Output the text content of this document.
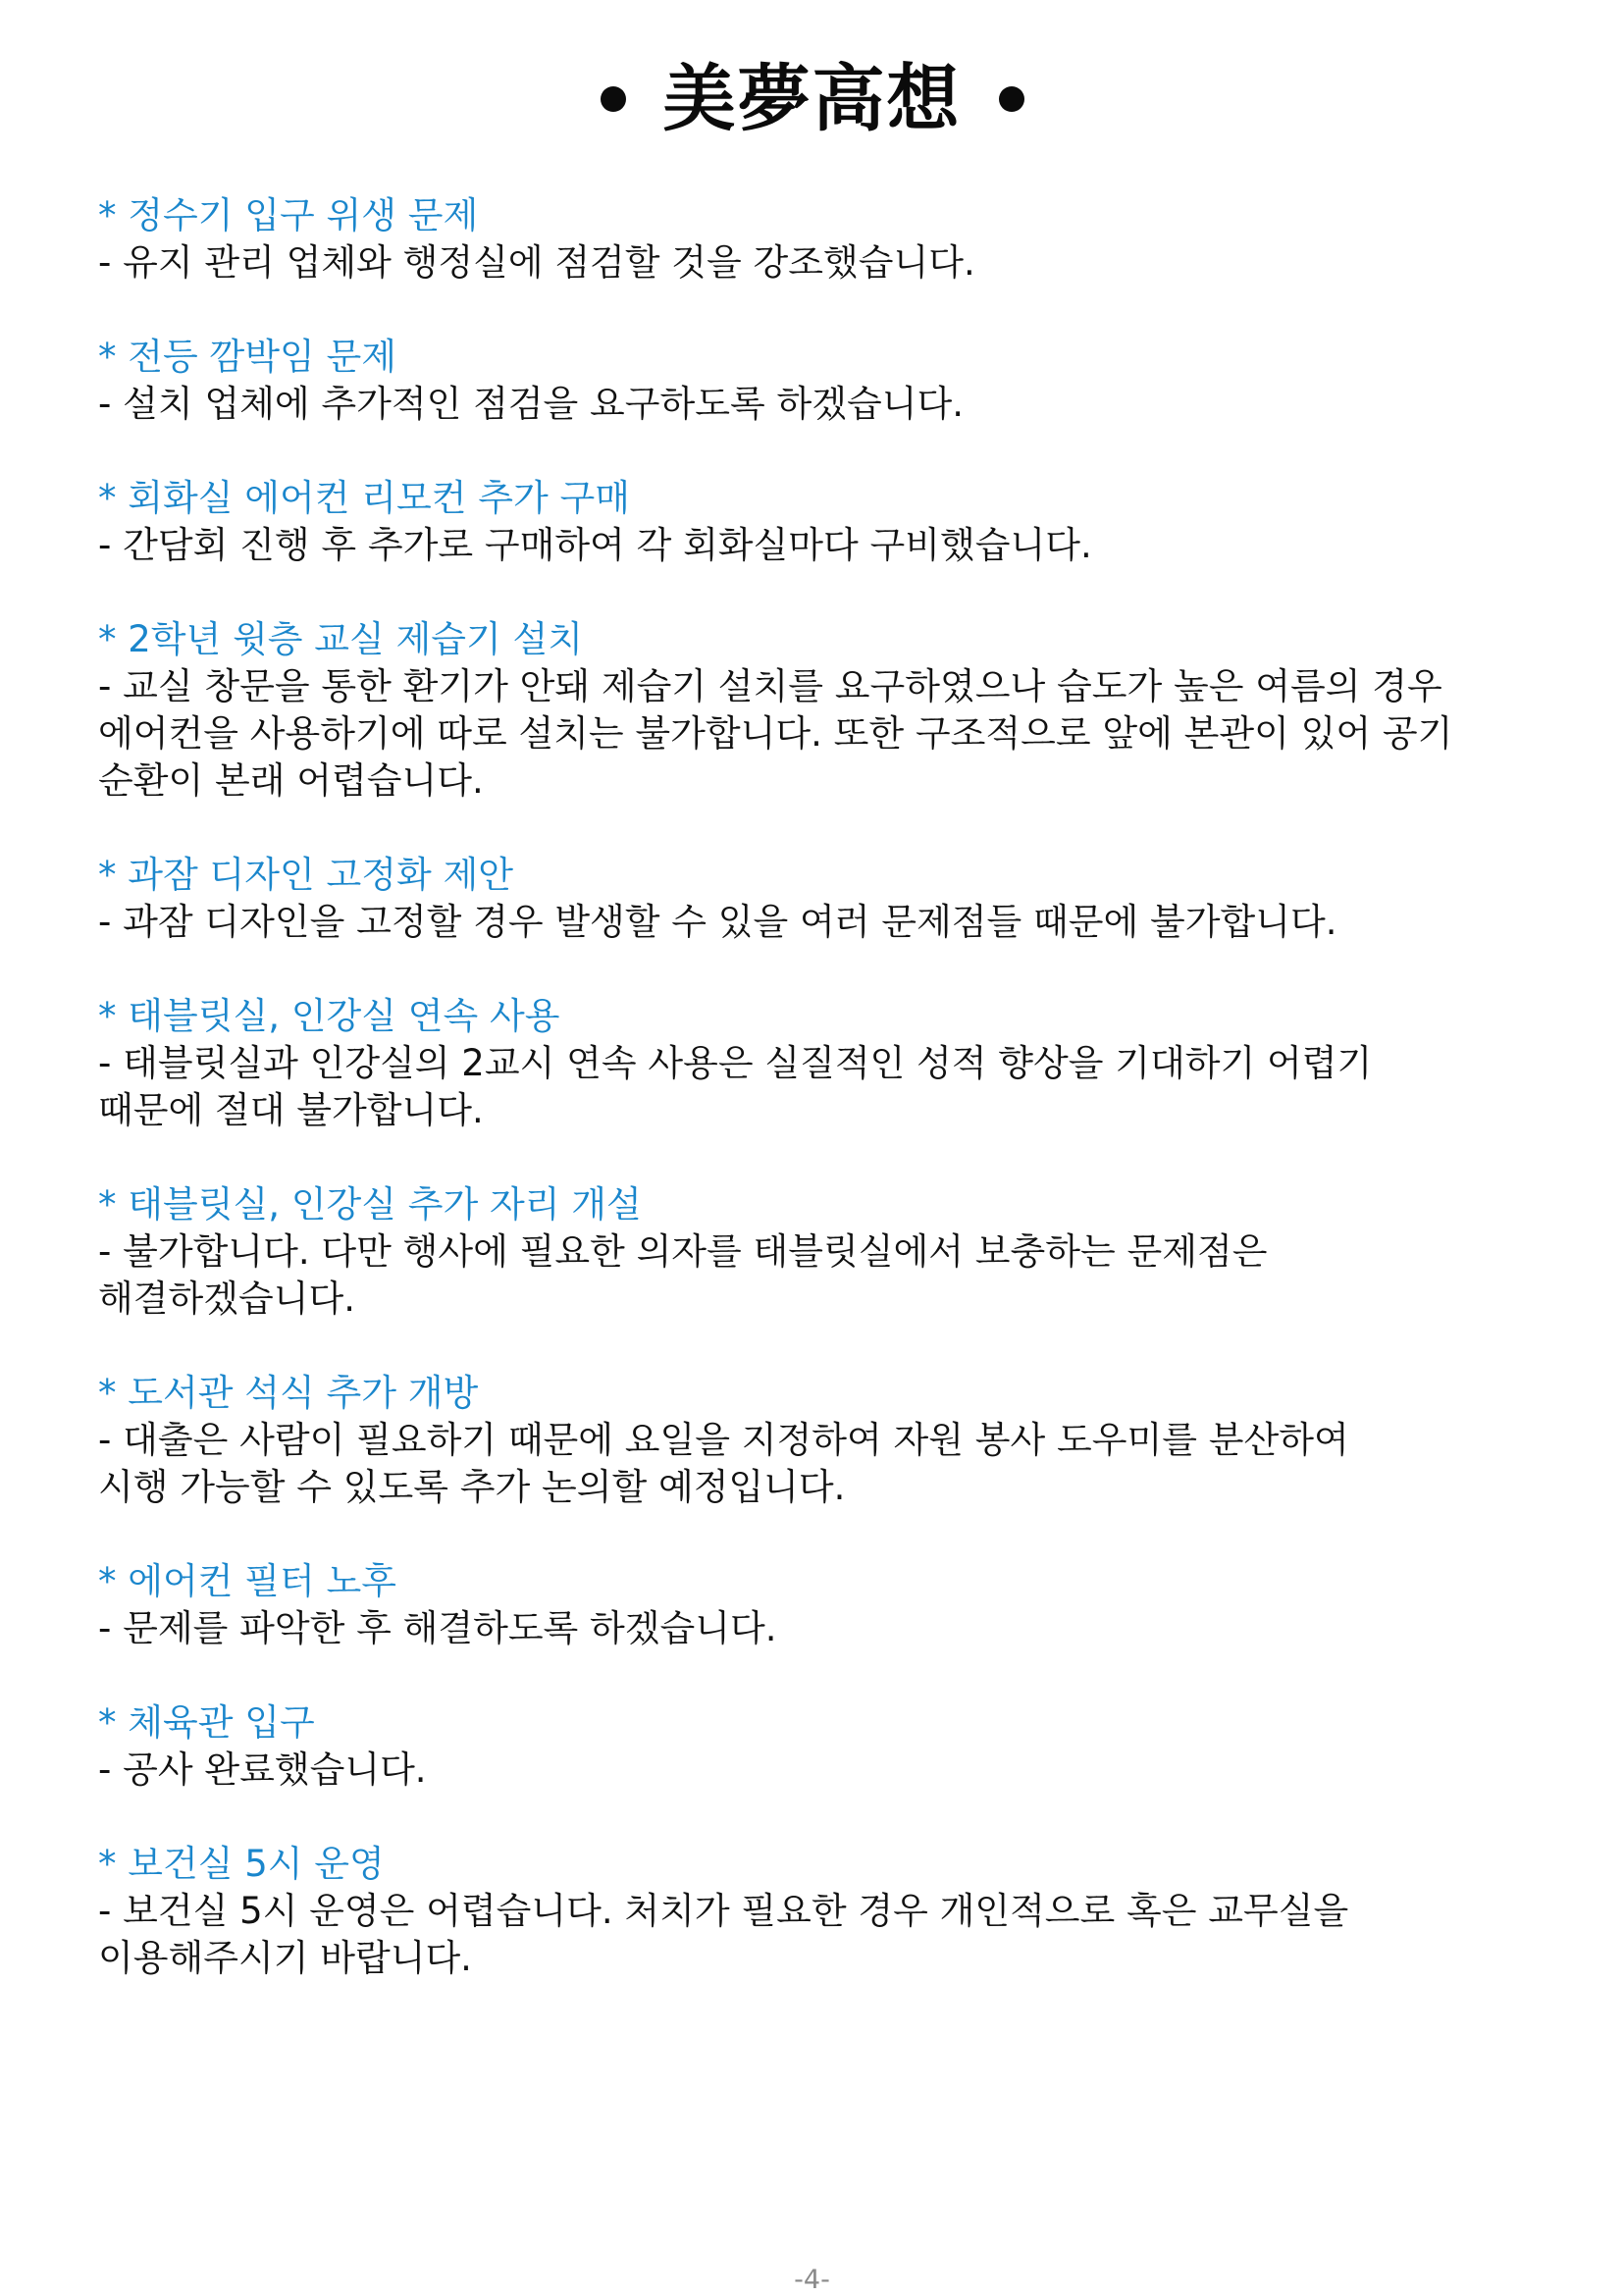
美夢高想
* 정수기 입구 위생 문제
- 유지 관리 업체와 행정실에 점검할 것을 강조했습니다.
* 전등 깜박임 문제
- 설치 업체에 추가적인 점검을 요구하도록 하겠습니다.
* 회화실 에어컨 리모컨 추가 구매
- 간담회 진행 후 추가로 구매하여 각 회화실마다 구비했습니다.
* 2학년 윗층 교실 제습기 설치
- 교실 창문을 통한 환기가 안돼 제습기 설치를 요구하였으나 습도가 높은 여름의 경우
에어컨을 사용하기에 따로 설치는 불가합니다. 또한 구조적으로 앞에 본관이 있어 공기
순환이 본래 어렵습니다.
* 과잠 디자인 고정화 제안
- 과잠 디자인을 고정할 경우 발생할 수 있을 여러 문제점들 때문에 불가합니다.
* 태블릿실, 인강실 연속 사용
- 태블릿실과 인강실의 2교시 연속 사용은 실질적인 성적 향상을 기대하기 어렵기
때문에 절대 불가합니다.
* 태블릿실, 인강실 추가 자리 개설
- 불가합니다. 다만 행사에 필요한 의자를 태블릿실에서 보충하는 문제점은
해결하겠습니다.
* 도서관 석식 추가 개방
- 대출은 사람이 필요하기 때문에 요일을 지정하여 자원 봉사 도우미를 분산하여
시행 가능할 수 있도록 추가 논의할 예정입니다.
* 에어컨 필터 노후
- 문제를 파악한 후 해결하도록 하겠습니다.
* 체육관 입구
- 공사 완료했습니다.
* 보건실 5시 운영
- 보건실 5시 운영은 어렵습니다. 처치가 필요한 경우 개인적으로 혹은 교무실을
이용해주시기 바랍니다.
-4-
